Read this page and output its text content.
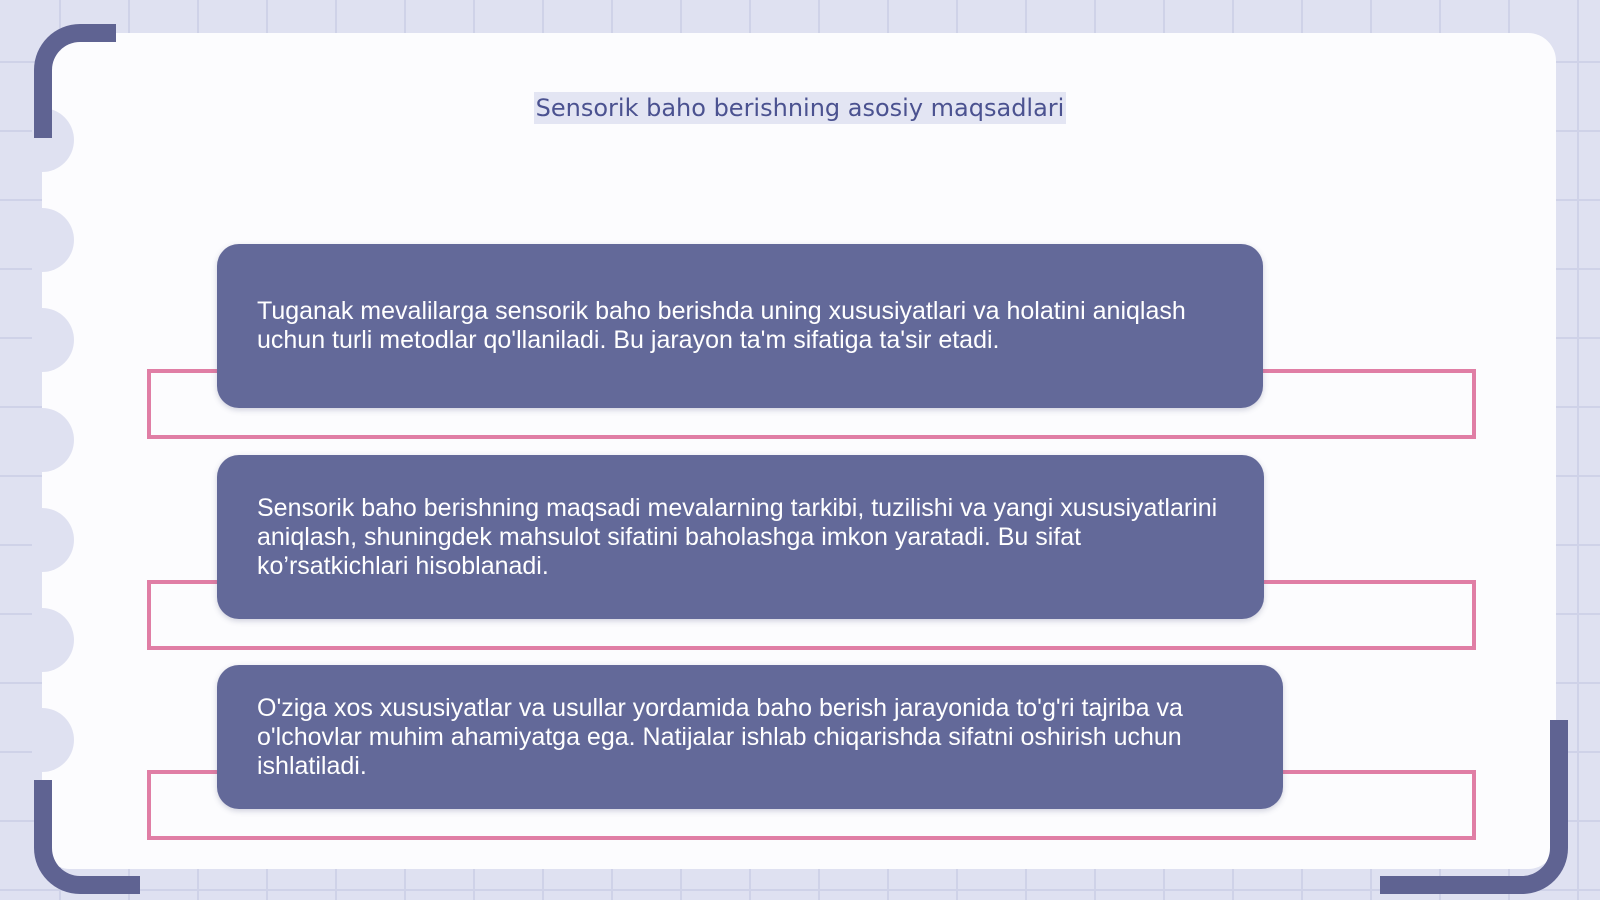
Sensorik baho berishning asosiy maqsadlari
Tuganak mevalilarga sensorik baho berishda uning xususiyatlari va holatini aniqlash uchun turli metodlar qo'llaniladi. Bu jarayon ta'm sifatiga ta'sir etadi.
Sensorik baho berishning maqsadi mevalarning tarkibi, tuzilishi va yangi xususiyatlarini aniqlash, shuningdek mahsulot sifatini baholashga imkon yaratadi. Bu sifat ko’rsatkichlari hisoblanadi.
O'ziga xos xususiyatlar va usullar yordamida baho berish jarayonida to'g'ri tajriba va o'lchovlar muhim ahamiyatga ega. Natijalar ishlab chiqarishda sifatni oshirish uchun ishlatiladi.
